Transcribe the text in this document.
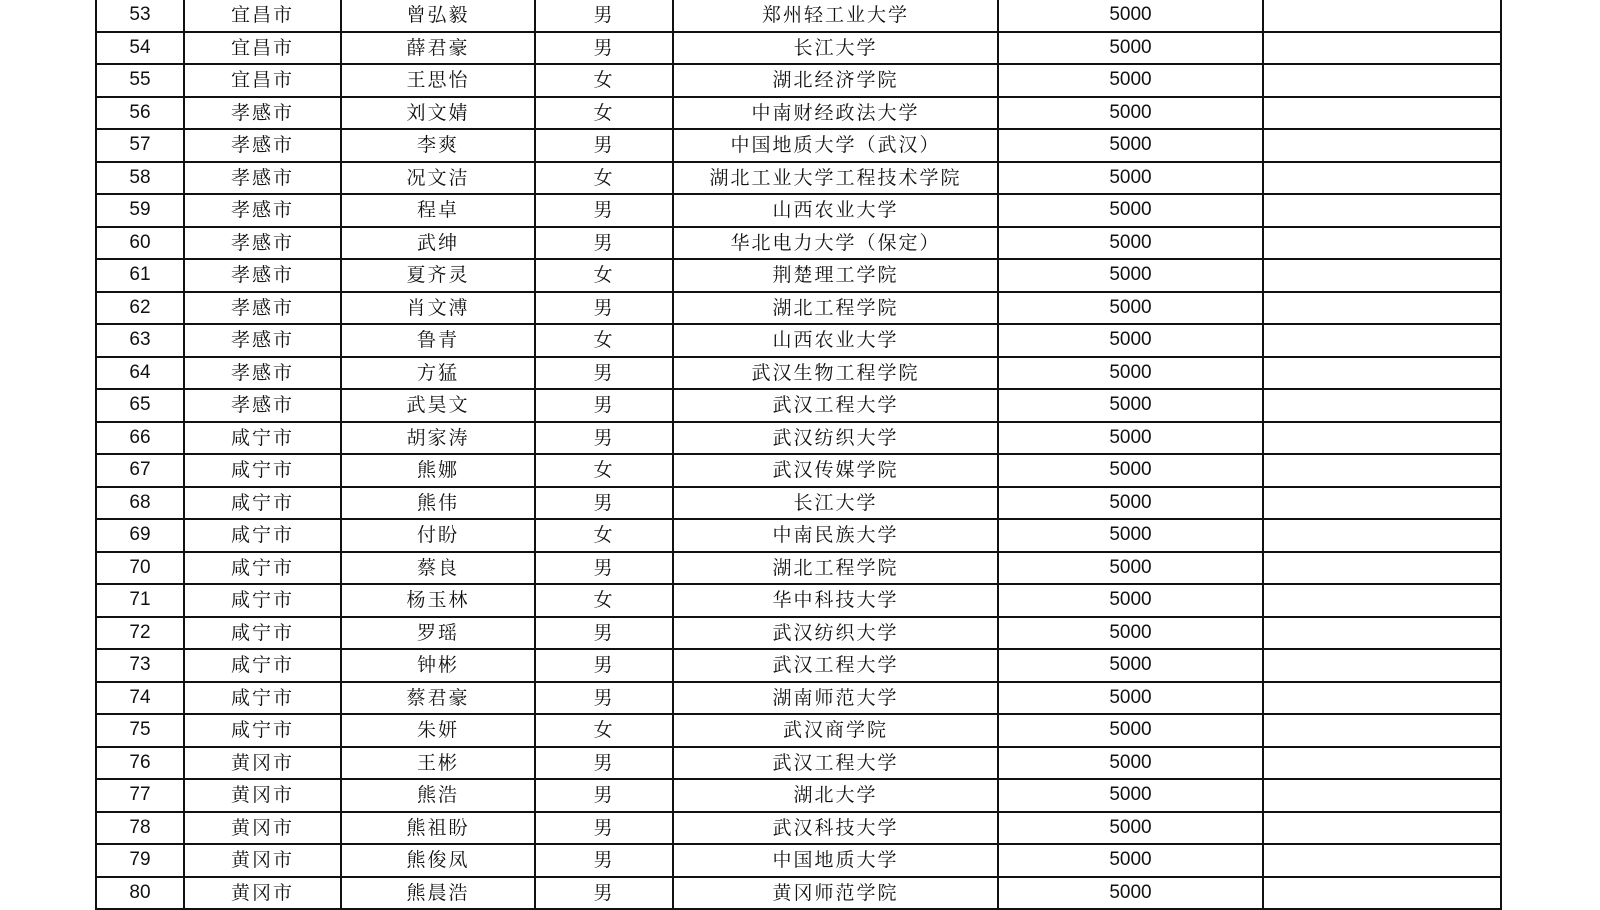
53	宜昌市	曾弘毅	男	郑州轻工业大学	5000	
54	宜昌市	薛君豪	男	长江大学	5000	
55	宜昌市	王思怡	女	湖北经济学院	5000	
56	孝感市	刘文婧	女	中南财经政法大学	5000	
57	孝感市	李爽	男	中国地质大学（武汉）	5000	
58	孝感市	况文洁	女	湖北工业大学工程技术学院	5000	
59	孝感市	程卓	男	山西农业大学	5000	
60	孝感市	武绅	男	华北电力大学（保定）	5000	
61	孝感市	夏齐灵	女	荆楚理工学院	5000	
62	孝感市	肖文溥	男	湖北工程学院	5000	
63	孝感市	鲁青	女	山西农业大学	5000	
64	孝感市	方猛	男	武汉生物工程学院	5000	
65	孝感市	武昊文	男	武汉工程大学	5000	
66	咸宁市	胡家涛	男	武汉纺织大学	5000	
67	咸宁市	熊娜	女	武汉传媒学院	5000	
68	咸宁市	熊伟	男	长江大学	5000	
69	咸宁市	付盼	女	中南民族大学	5000	
70	咸宁市	蔡良	男	湖北工程学院	5000	
71	咸宁市	杨玉林	女	华中科技大学	5000	
72	咸宁市	罗瑶	男	武汉纺织大学	5000	
73	咸宁市	钟彬	男	武汉工程大学	5000	
74	咸宁市	蔡君豪	男	湖南师范大学	5000	
75	咸宁市	朱妍	女	武汉商学院	5000	
76	黄冈市	王彬	男	武汉工程大学	5000	
77	黄冈市	熊浩	男	湖北大学	5000	
78	黄冈市	熊祖盼	男	武汉科技大学	5000	
79	黄冈市	熊俊凤	男	中国地质大学	5000	
80	黄冈市	熊晨浩	男	黄冈师范学院	5000	
